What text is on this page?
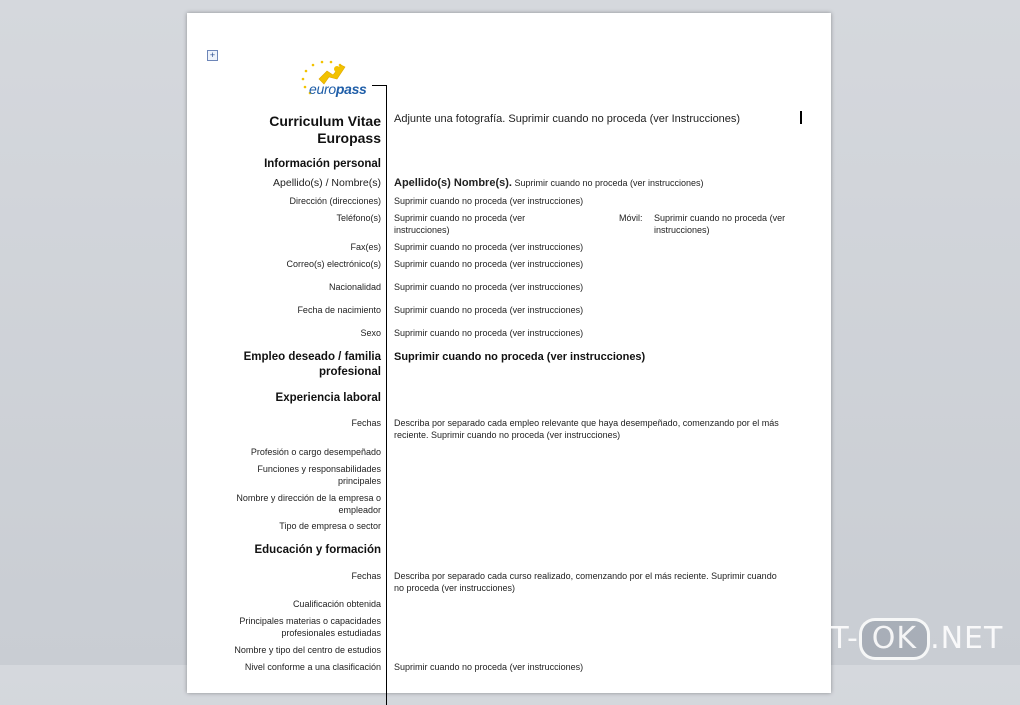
+
europass
Curriculum Vitae
Europass
Adjunte una fotografía. Suprimir cuando no proceda (ver Instrucciones)
Información personal
Apellido(s) / Nombre(s) Apellido(s) Nombre(s). Suprimir cuando no proceda (ver instrucciones)
Dirección (direcciones) Suprimir cuando no proceda (ver instrucciones)
Teléfono(s) Suprimir cuando no proceda (ver instrucciones)
Móvil: Suprimir cuando no proceda (ver instrucciones)
Fax(es) Suprimir cuando no proceda (ver instrucciones)
Correo(s) electrónico(s) Suprimir cuando no proceda (ver instrucciones)
Nacionalidad Suprimir cuando no proceda (ver instrucciones)
Fecha de nacimiento Suprimir cuando no proceda (ver instrucciones)
Sexo Suprimir cuando no proceda (ver instrucciones)
Empleo deseado / familia profesional
Suprimir cuando no proceda (ver instrucciones)
Experiencia laboral
Fechas Describa por separado cada empleo relevante que haya desempeñado, comenzando por el más reciente. Suprimir cuando no proceda (ver instrucciones)
Profesión o cargo desempeñado
Funciones y responsabilidades principales
Nombre y dirección de la empresa o empleador
Tipo de empresa o sector
Educación y formación
Fechas Describa por separado cada curso realizado, comenzando por el más reciente. Suprimir cuando no proceda (ver instrucciones)
Cualificación obtenida
Principales materias o capacidades profesionales estudiadas
Nombre y tipo del centro de estudios
Nivel conforme a una clasificación Suprimir cuando no proceda (ver instrucciones)
SOFT- OK .NET
